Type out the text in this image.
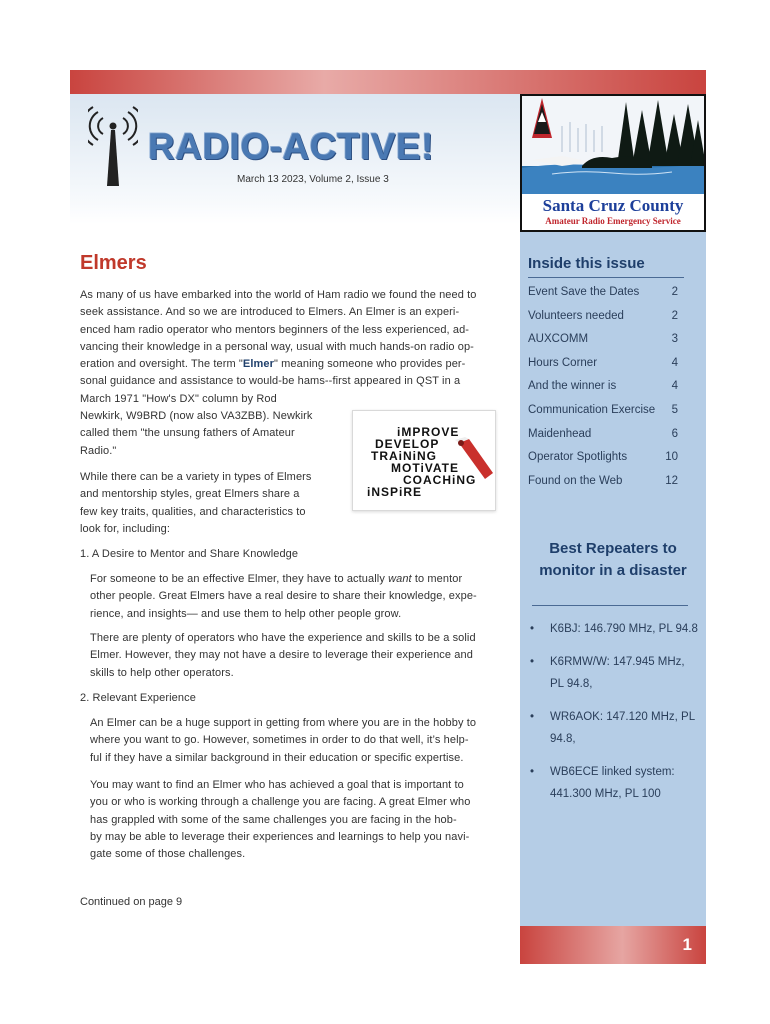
RADIO-ACTIVE!
March 13 2023, Volume 2, Issue 3
Santa Cruz County
Amateur Radio Emergency Service
1
Inside this issue
Event Save the Dates	2
Volunteers needed	2
AUXCOMM	3
Hours Corner	4
And the winner is	4
Communication Exercise 5
Maidenhead	6
Operator Spotlights	10
Found on the Web	12
Best Repeaters to monitor in a disaster
• K6BJ: 146.790 MHz, PL 94.8
• K6RMW/W: 147.945 MHz, PL 94.8,
• WR6AOK: 147.120 MHz, PL 94.8,
• WB6ECE linked system: 441.300 MHz, PL 100
Elmers
As many of us have embarked into the world of Ham radio we found the need to
seek assistance. And so we are introduced to Elmers. An Elmer is an experi-
enced ham radio operator who mentors beginners of the less experienced, ad-
vancing their knowledge in a personal way, usual with much hands-on radio op-
eration and oversight. The term "Elmer" meaning someone who provides per-
sonal guidance and assistance to would-be hams--first appeared in QST in a
March 1971 "How's DX" column by Rod
Newkirk, W9BRD (now also VA3ZBB). Newkirk
called them "the unsung fathers of Amateur
Radio."
iMPROVE
DEVELOP
TRAiNiNG
MOTiVATE
COACHiNG
iNSPiRE
While there can be a variety in types of Elmers
and mentorship styles, great Elmers share a
few key traits, qualities, and characteristics to
look for, including:
1. A Desire to Mentor and Share Knowledge
For someone to be an effective Elmer, they have to actually want to mentor
other people. Great Elmers have a real desire to share their knowledge, expe-
rience, and insights— and use them to help other people grow.
There are plenty of operators who have the experience and skills to be a solid
Elmer. However, they may not have a desire to leverage their experience and
skills to help other operators.
2. Relevant Experience
An Elmer can be a huge support in getting from where you are in the hobby to
where you want to go. However, sometimes in order to do that well, it’s help-
ful if they have a similar background in their education or specific expertise.
You may want to find an Elmer who has achieved a goal that is important to
you or who is working through a challenge you are facing. A great Elmer who
has grappled with some of the same challenges you are facing in the hob-
by may be able to leverage their experiences and learnings to help you navi-
gate some of those challenges.
Continued on page 9
